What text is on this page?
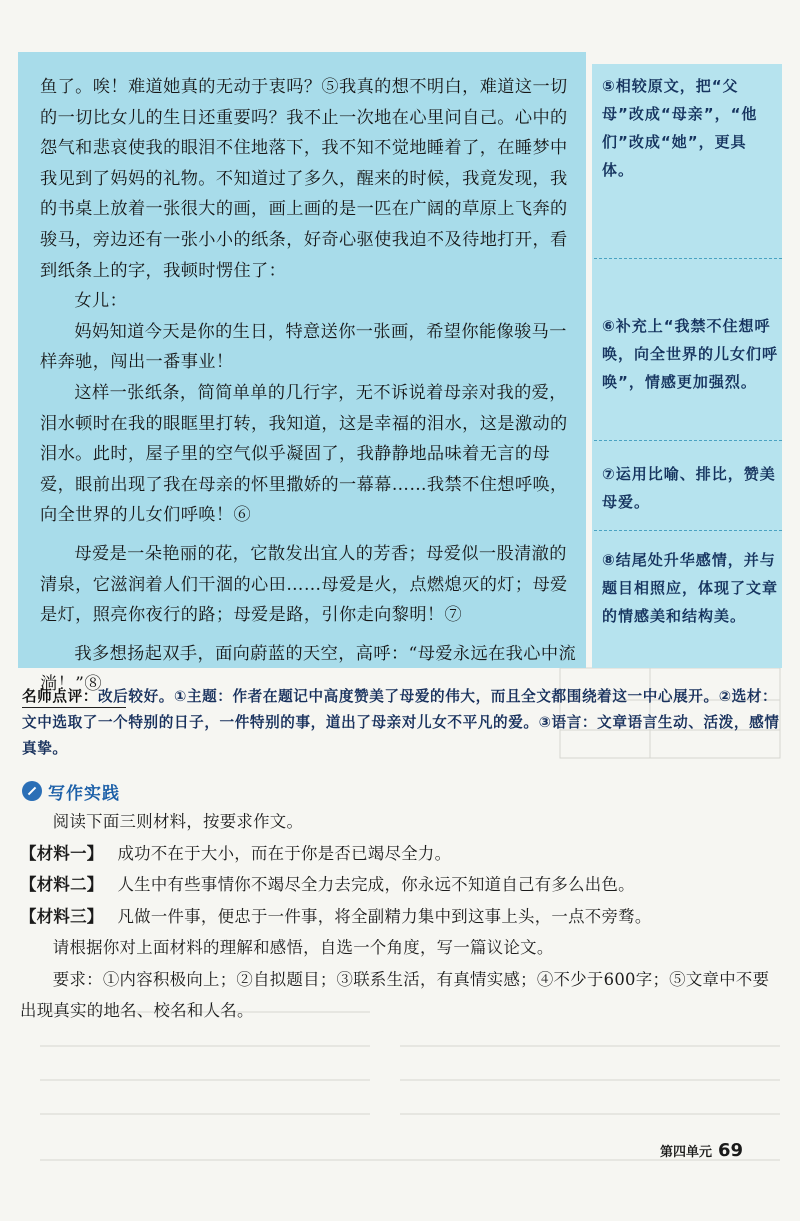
鱼了。唉！难道她真的无动于衷吗？⑤我真的想不明白，难道这一切的一切比女儿的生日还重要吗？我不止一次地在心里问自己。心中的怨气和悲哀使我的眼泪不住地落下，我不知不觉地睡着了，在睡梦中我见到了妈妈的礼物。不知道过了多久，醒来的时候，我竟发现，我的书桌上放着一张很大的画，画上画的是一匹在广阔的草原上飞奔的骏马，旁边还有一张小小的纸条，好奇心驱使我迫不及待地打开，看到纸条上的字，我顿时愣住了：

女儿：

妈妈知道今天是你的生日，特意送你一张画，希望你能像骏马一样奔驰，闯出一番事业！

这样一张纸条，简简单单的几行字，无不诉说着母亲对我的爱，泪水顿时在我的眼眶里打转，我知道，这是幸福的泪水，这是激动的泪水。此时，屋子里的空气似乎凝固了，我静静地品味着无言的母爱，眼前出现了我在母亲的怀里撒娇的一幕幕……我禁不住想呼唤，向全世界的儿女们呼唤！⑥

母爱是一朵艳丽的花，它散发出宜人的芳香；母爱似一股清澈的清泉，它滋润着人们干涸的心田……母爱是火，点燃熄灭的灯；母爱是灯，照亮你夜行的路；母爱是路，引你走向黎明！⑦

我多想扬起双手，面向蔚蓝的天空，高呼：“母爱永远在我心中流淌！”⑧

⑤相较原文，把“父母”改成“母亲”，“他们”改成“她”，更具体。
⑥补充上“我禁不住想呼唤，向全世界的儿女们呼唤”，情感更加强烈。
⑦运用比喻、排比，赞美母爱。
⑧结尾处升华感情，并与题目相照应，体现了文章的情感美和结构美。
名师点评：改后较好。①主题：作者在题记中高度赞美了母爱的伟大，而且全文都围绕着这一中心展开。②选材：文中选取了一个特别的日子，一件特别的事，道出了母亲对儿女不平凡的爱。③语言：文章语言生动、活泼，感情真挚。
写作实践

阅读下面三则材料，按要求作文。

【材料一】 成功不在于大小，而在于你是否已竭尽全力。

【材料二】 人生中有些事情你不竭尽全力去完成，你永远不知道自己有多么出色。

【材料三】 凡做一件事，便忠于一件事，将全副精力集中到这事上头，一点不旁骛。

请根据你对上面材料的理解和感悟，自选一个角度，写一篇议论文。

要求：①内容积极向上；②自拟题目；③联系生活，有真情实感；④不少于600字；⑤文章中不要出现真实的地名、校名和人名。

第四单元 69
